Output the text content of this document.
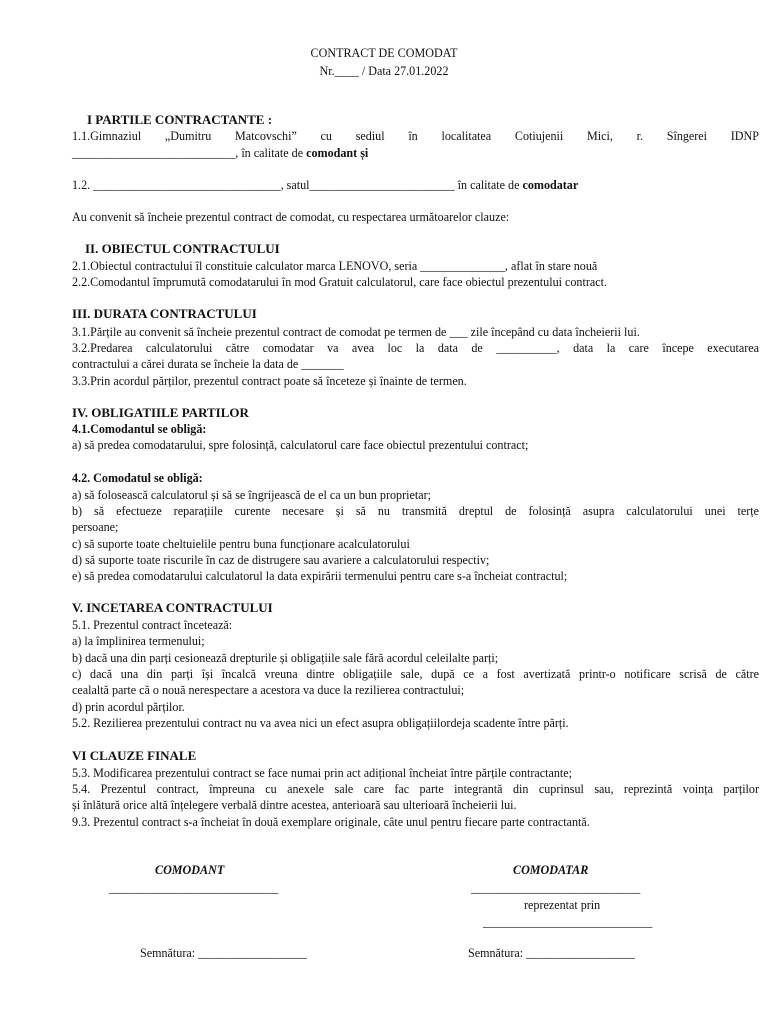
CONTRACT DE COMODAT
Nr.____ / Data 27.01.2022
I PARTILE CONTRACTANTE :
1.1.Gimnaziul „Dumitru Matcovschi” cu sediul în localitatea Cotiujenii Mici, r. Sîngerei IDNP
___________________________, în calitate de comodant și
1.2. _______________________________, satul________________________ în calitate de comodatar
Au convenit să încheie prezentul contract de comodat, cu respectarea următoarelor clauze:
II. OBIECTUL CONTRACTULUI
2.1.Obiectul contractului îl constituie calculator marca LENOVO, seria ______________, aflat în stare nouă
2.2.Comodantul împrumută comodatarului în mod Gratuit calculatorul, care face obiectul prezentului contract.
III. DURATA CONTRACTULUI
3.1.Părțile au convenit să încheie prezentul contract de comodat pe termen de ___ zile începând cu data încheierii lui.
3.2.Predarea calculatorului către comodatar va avea loc la data de __________, data la care începe executarea
contractului a cărei durata se încheie la data de _______
3.3.Prin acordul părților, prezentul contract poate să înceteze și înainte de termen.
IV. OBLIGATIILE PARTILOR
4.1.Comodantul se obligă:
a) să predea comodatarului, spre folosință, calculatorul care face obiectul prezentului contract;
4.2. Comodatul se obligă:
a) să folosească calculatorul și să se îngrijească de el ca un bun proprietar;
b) să efectueze reparațiile curente necesare și să nu transmită dreptul de folosință asupra calculatorului unei terțe
persoane;
c) să suporte toate cheltuielile pentru buna funcționare acalculatorului
d) să suporte toate riscurile în caz de distrugere sau avariere a calculatorului respectiv;
e) să predea comodatarului calculatorul la data expirării termenului pentru care s-a încheiat contractul;
V. INCETAREA CONTRACTULUI
5.1. Prezentul contract încetează:
a) la împlinirea termenului;
b) dacă una din parți cesionează drepturile și obligațiile sale fără acordul celeilalte parți;
c) dacă una din parți își încalcă vreuna dintre obligațiile sale, după ce a fost avertizată printr-o notificare scrisă de către
cealaltă parte că o nouă nerespectare a acestora va duce la rezilierea contractului;
d) prin acordul părților.
5.2. Rezilierea prezentului contract nu va avea nici un efect asupra obligațiilordeja scadente între părți.
VI CLAUZE FINALE
5.3. Modificarea prezentului contract se face numai prin act adițional încheiat între părțile contractante;
5.4. Prezentul contract, împreuna cu anexele sale care fac parte integrantă din cuprinsul sau, reprezintă voința parților
și înlătură orice altă înțelegere verbală dintre acestea, anterioară sau ulterioară încheierii lui.
9.3. Prezentul contract s-a încheiat în două exemplare originale, câte unul pentru fiecare parte contractantă.
COMODANT	COMODATAR
____________________________	____________________________
reprezentat prin
____________________________
Semnătura: __________________	Semnătura: __________________
